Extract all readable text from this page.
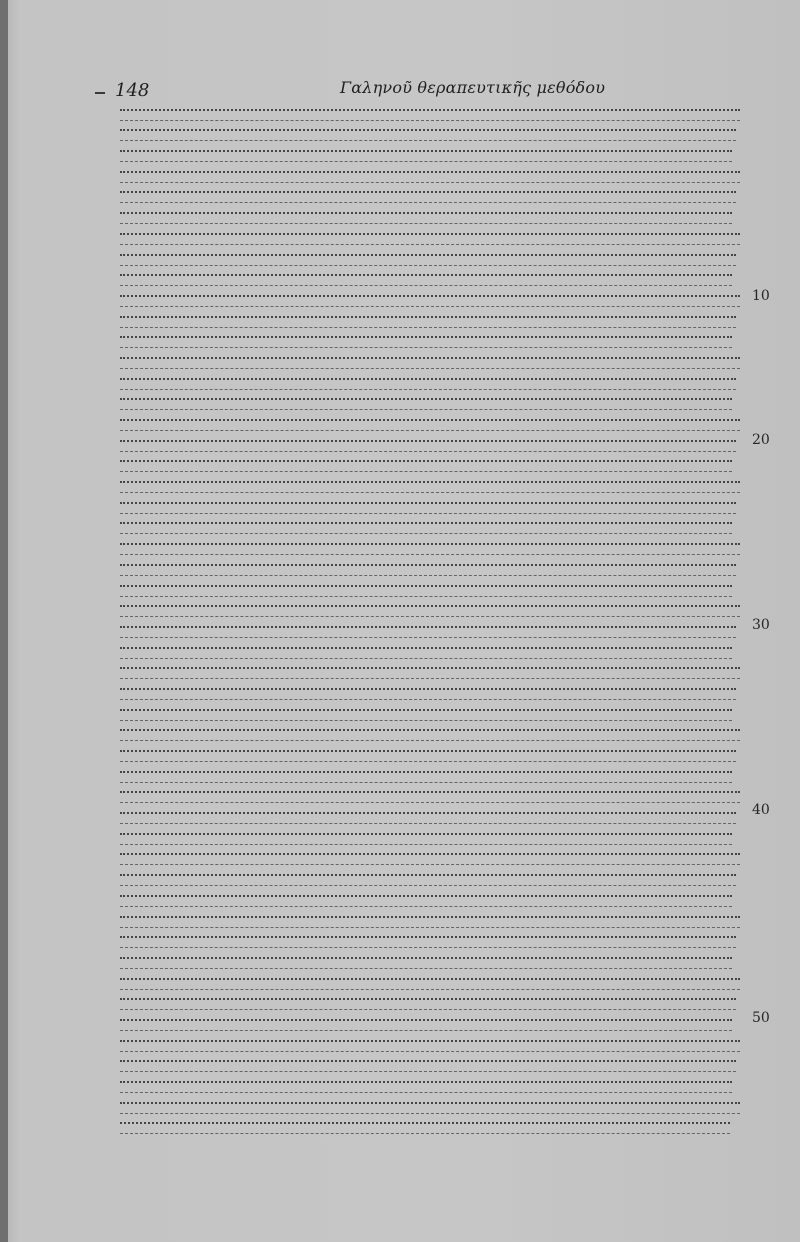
148	Γαληνοῦ θεραπευτικῆς μεθόδου
10
20
30
40
50
